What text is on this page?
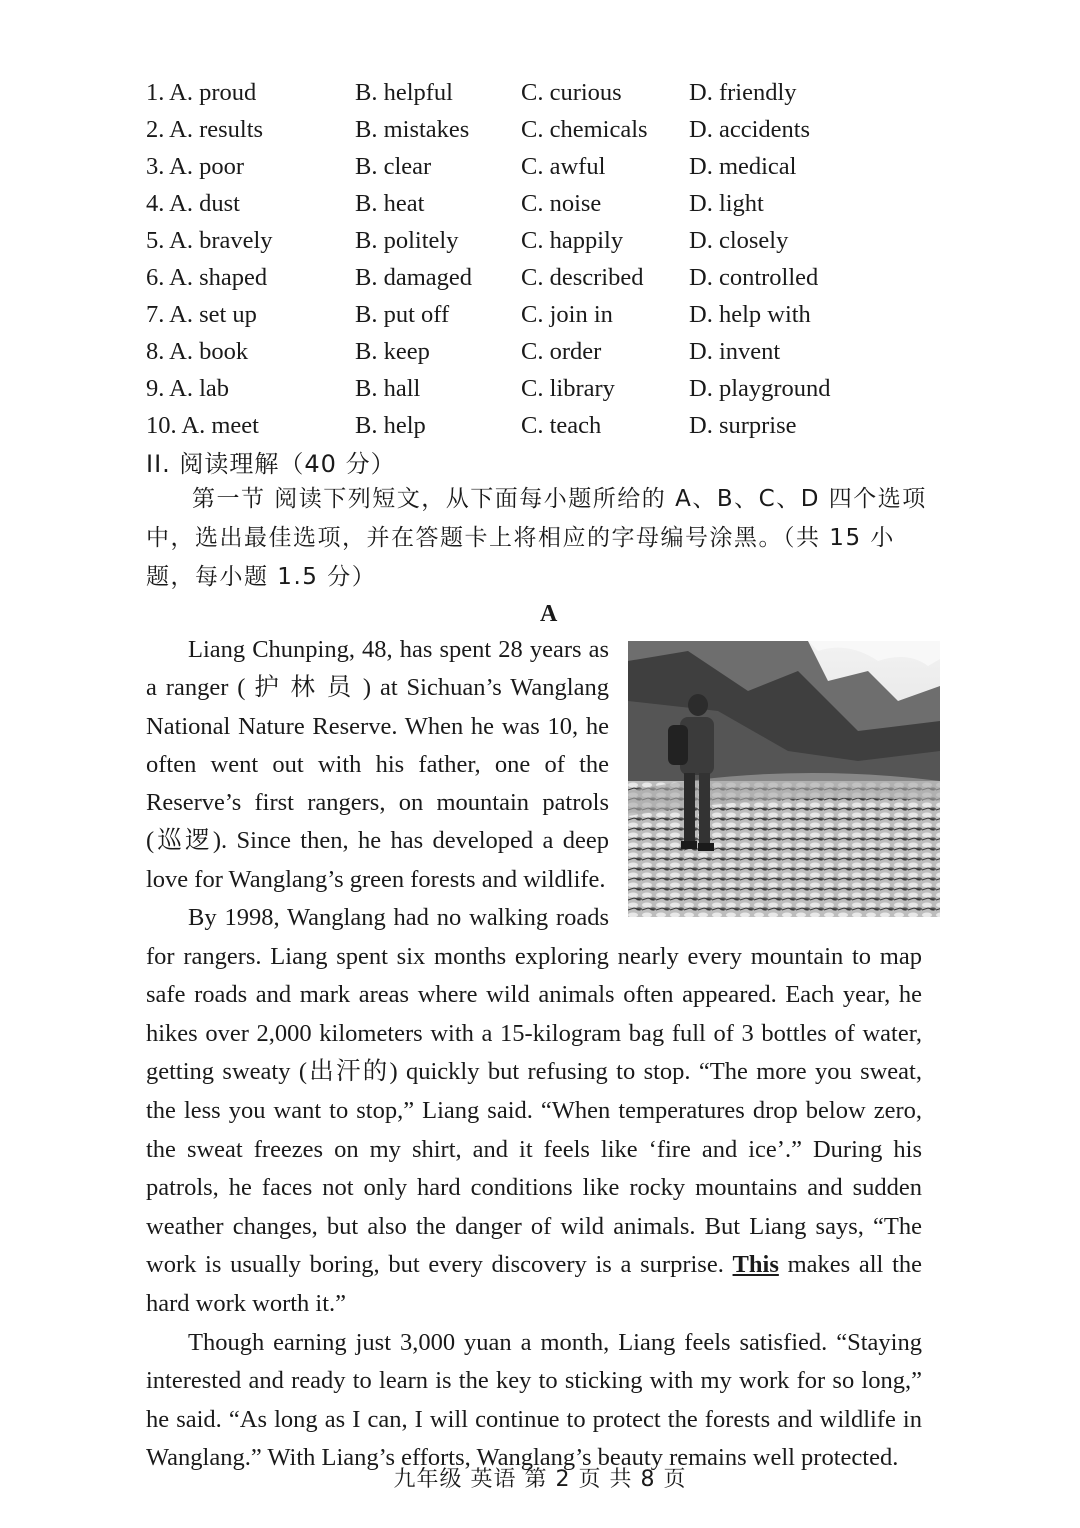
1. A. proud	B. helpful	C. curious	D. friendly
2. A. results	B. mistakes	C. chemicals	D. accidents
3. A. poor	B. clear	C. awful	D. medical
4. A. dust	B. heat	C. noise	D. light
5. A. bravely	B. politely	C. happily	D. closely
6. A. shaped	B. damaged	C. described	D. controlled
7. A. set up	B. put off	C. join in	D. help with
8. A. book	B. keep	C. order	D. invent
9. A. lab	B. hall	C. library	D. playground
10. A. meet	B. help	C. teach	D. surprise
II. 阅读理解（40 分）
第一节 阅读下列短文，从下面每小题所给的 A、B、C、D 四个选项中，选出最佳选项，并在答题卡上将相应的字母编号涂黑。（共 15 小题，每小题 1.5 分）
A

Liang Chunping, 48, has spent 28 years as a ranger ( 护 林 员 ) at Sichuan’s Wanglang National Nature Reserve. When he was 10, he often went out with his father, one of the Reserve’s first rangers, on mountain patrols (巡逻). Since then, he has developed a deep love for Wanglang’s green forests and wildlife.

By 1998, Wanglang had no walking roads
for rangers. Liang spent six months exploring nearly every mountain to map safe roads and mark areas where wild animals often appeared. Each year, he hikes over 2,000 kilometers with a 15-kilogram bag full of 3 bottles of water, getting sweaty (出汗的) quickly but refusing to stop. “The more you sweat, the less you want to stop,” Liang said. “When temperatures drop below zero, the sweat freezes on my shirt, and it feels like ‘fire and ice’.” During his patrols, he faces not only hard conditions like rocky mountains and sudden weather changes, but also the danger of wild animals. But Liang says, “The work is usually boring, but every discovery is a surprise. This makes all the hard work worth it.”

Though earning just 3,000 yuan a month, Liang feels satisfied. “Staying interested and ready to learn is the key to sticking with my work for so long,” he said. “As long as I can, I will continue to protect the forests and wildlife in Wanglang.” With Liang’s efforts, Wanglang’s beauty remains well protected.

九年级 英语 第 2 页 共 8 页
